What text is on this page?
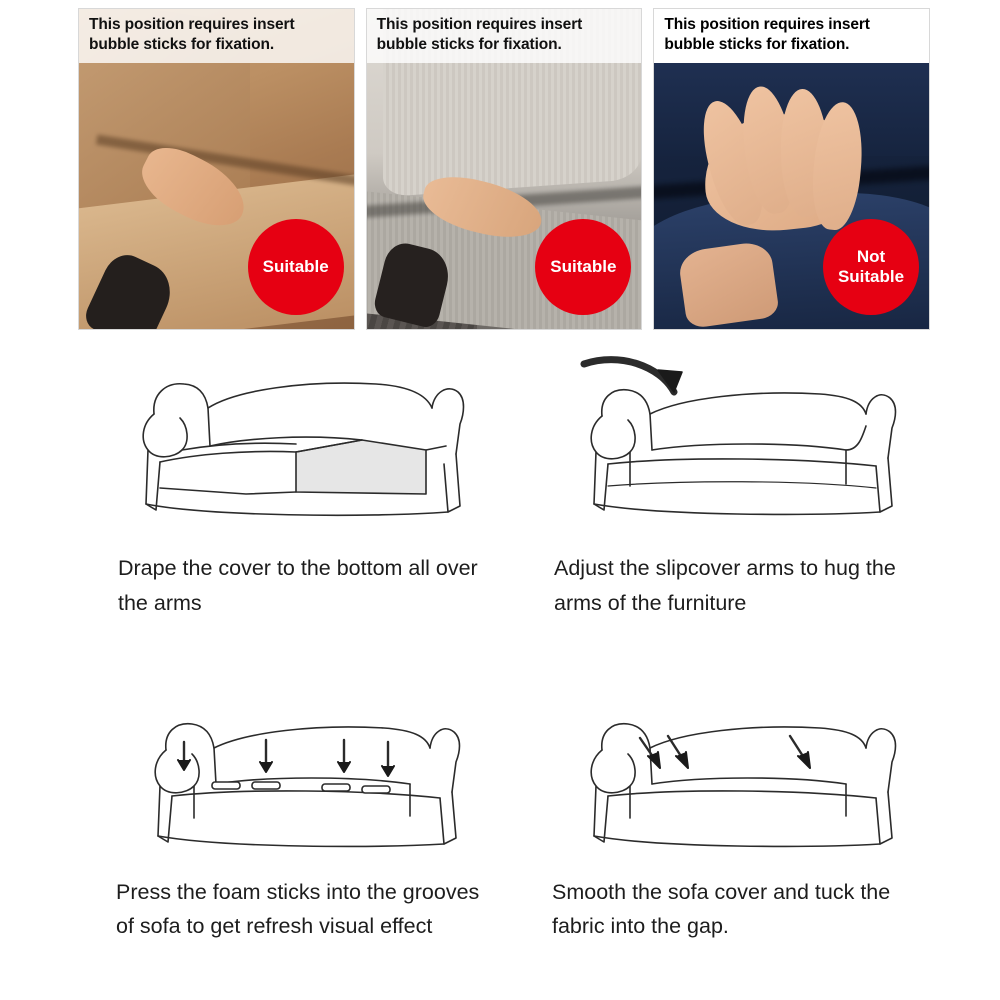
This position requires insert bubble sticks for fixation.
Suitable
This position requires insert bubble sticks for fixation.
Suitable
This position requires insert bubble sticks for fixation.
Not Suitable
Drape the cover to the bottom all over the arms
Adjust the slipcover arms to hug the arms of the furniture
Press the foam sticks into the grooves of sofa to get refresh visual effect
Smooth the sofa cover and tuck the fabric into the gap.
